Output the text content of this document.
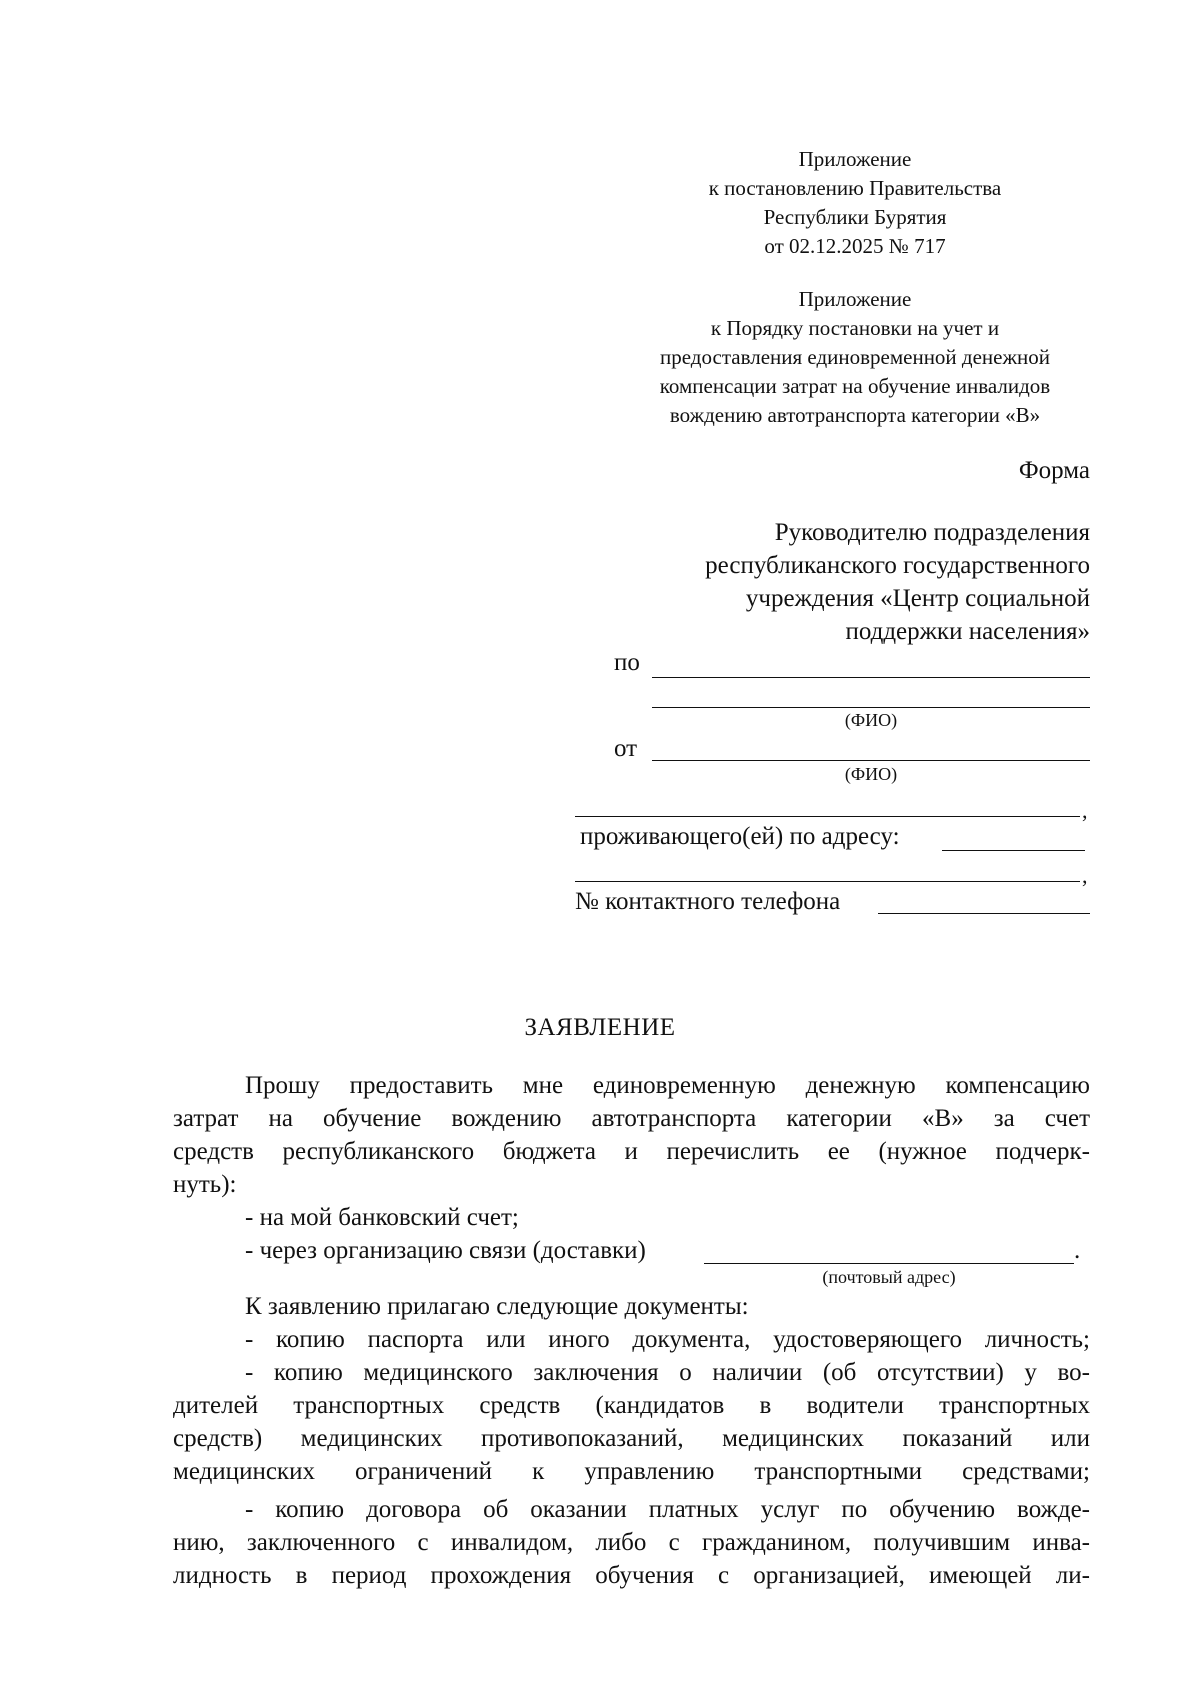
Приложение
к постановлению Правительства
Республики Бурятия
от 02.12.2025 № 717
Приложение
к Порядку постановки на учет и
предоставления единовременной денежной
компенсации затрат на обучение инвалидов
вождению автотранспорта категории «В»
Форма
Руководителю подразделения
республиканского государственного
учреждения «Центр социальной
поддержки населения»
по
(ФИО)
от
(ФИО)
,
проживающего(ей) по адресу:
,
№ контактного телефона
ЗАЯВЛЕНИЕ
Прошу предоставить мне единовременную денежную компенсацию
затрат на обучение вождению автотранспорта категории «В» за счет
средств республиканского бюджета и перечислить ее (нужное подчерк-
нуть):
- на мой банковский счет;
- через организацию связи (доставки)	.
(почтовый адрес)
К заявлению прилагаю следующие документы:
- копию паспорта или иного документа, удостоверяющего личность;
- копию медицинского заключения о наличии (об отсутствии) у во-
дителей транспортных средств (кандидатов в водители транспортных
средств) медицинских противопоказаний, медицинских показаний или
медицинских ограничений к управлению транспортными средствами;
- копию договора об оказании платных услуг по обучению вожде-
нию, заключенного с инвалидом, либо с гражданином, получившим инва-
лидность в период прохождения обучения с организацией, имеющей ли-
